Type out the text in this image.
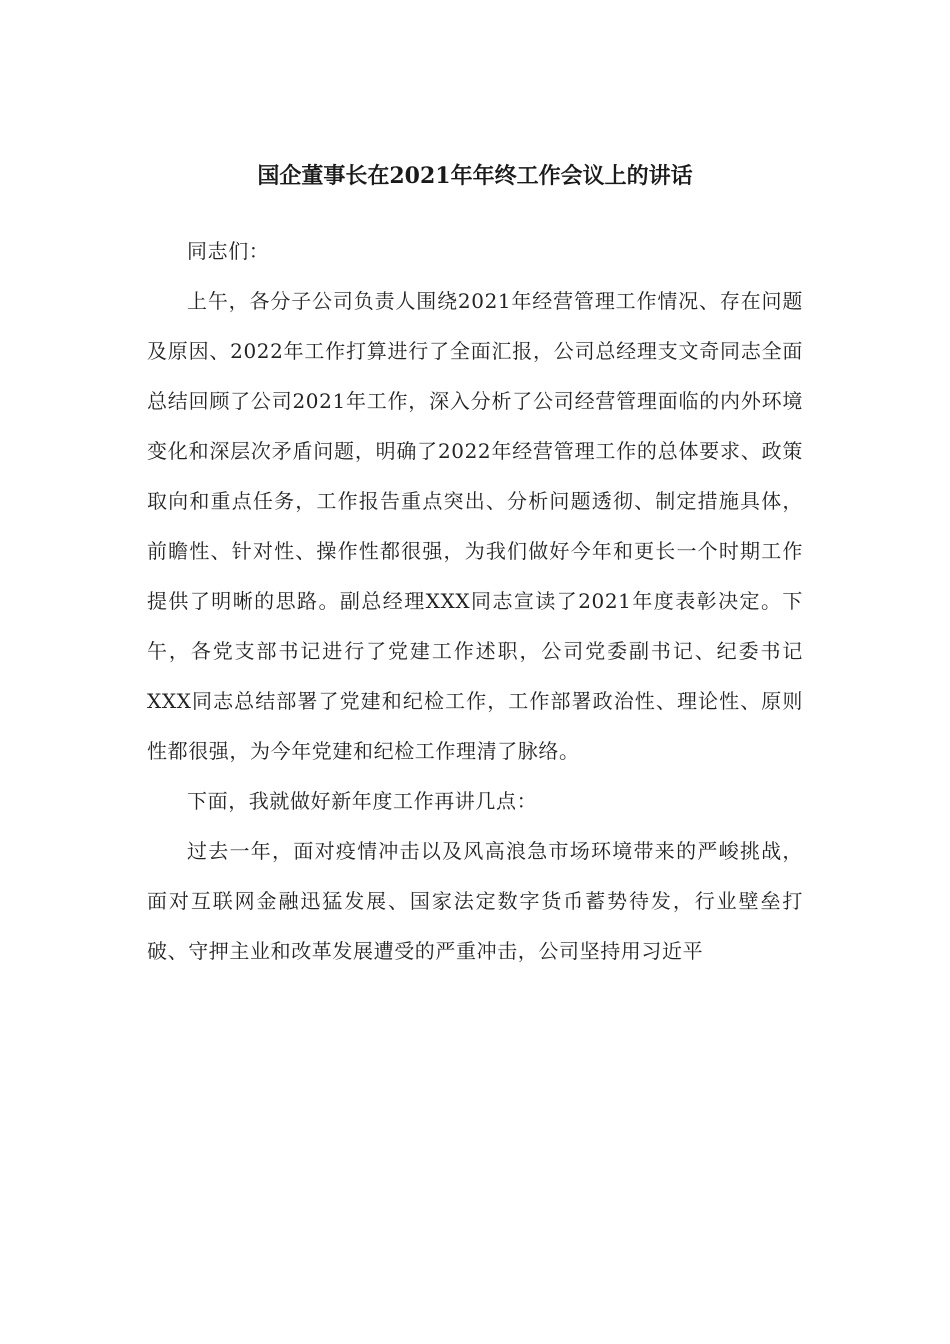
国企董事长在2021年年终工作会议上的讲话

同志们：

上午，各分子公司负责人围绕2021年经营管理工作情况、存在问题及原因、2022年工作打算进行了全面汇报，公司总经理支文奇同志全面总结回顾了公司2021年工作，深入分析了公司经营管理面临的内外环境变化和深层次矛盾问题，明确了2022年经营管理工作的总体要求、政策取向和重点任务，工作报告重点突出、分析问题透彻、制定措施具体，前瞻性、针对性、操作性都很强，为我们做好今年和更长一个时期工作提供了明晰的思路。副总经理XXX同志宣读了2021年度表彰决定。下午，各党支部书记进行了党建工作述职，公司党委副书记、纪委书记XXX同志总结部署了党建和纪检工作，工作部署政治性、理论性、原则性都很强，为今年党建和纪检工作理清了脉络。

下面，我就做好新年度工作再讲几点：

过去一年，面对疫情冲击以及风高浪急市场环境带来的严峻挑战，面对互联网金融迅猛发展、国家法定数字货币蓄势待发，行业壁垒打破、守押主业和改革发展遭受的严重冲击，公司坚持用习近平
